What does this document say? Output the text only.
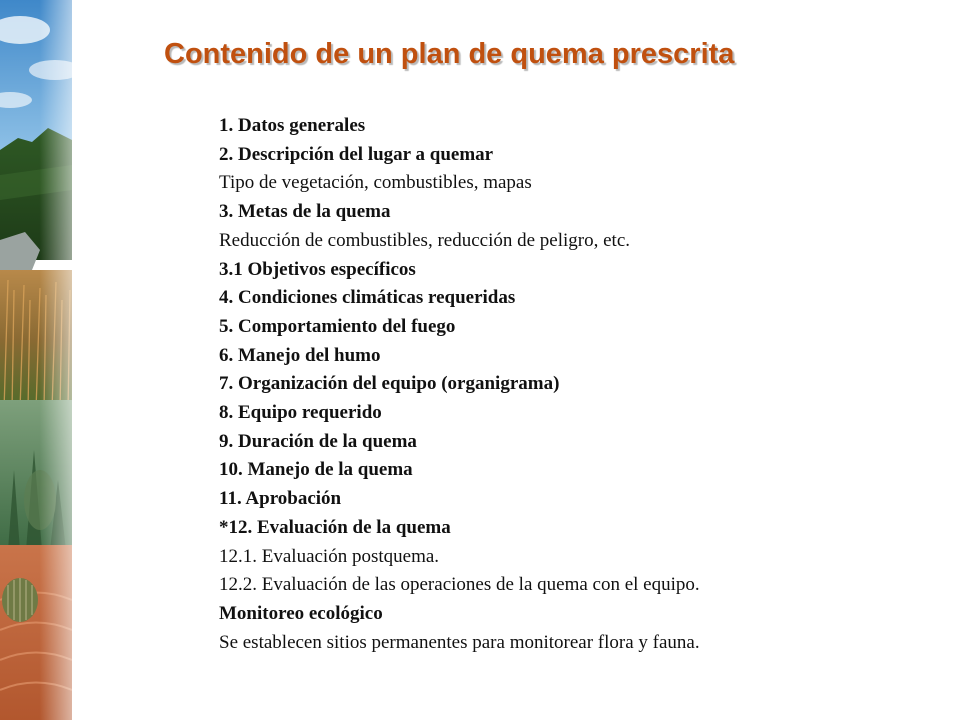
Contenido de un plan de quema prescrita
1. Datos generales
2. Descripción del lugar a quemar
Tipo de vegetación, combustibles, mapas
3. Metas de la quema
Reducción de combustibles, reducción de peligro, etc.
3.1 Objetivos específicos
4. Condiciones climáticas requeridas
5. Comportamiento del fuego
6. Manejo del humo
7. Organización del equipo (organigrama)
8. Equipo requerido
9. Duración de la quema
10. Manejo de la quema
11. Aprobación
*12. Evaluación de la quema
12.1. Evaluación postquema.
12.2. Evaluación de las operaciones de la quema con el equipo.
Monitoreo ecológico
Se establecen sitios permanentes para monitorear flora y fauna.
